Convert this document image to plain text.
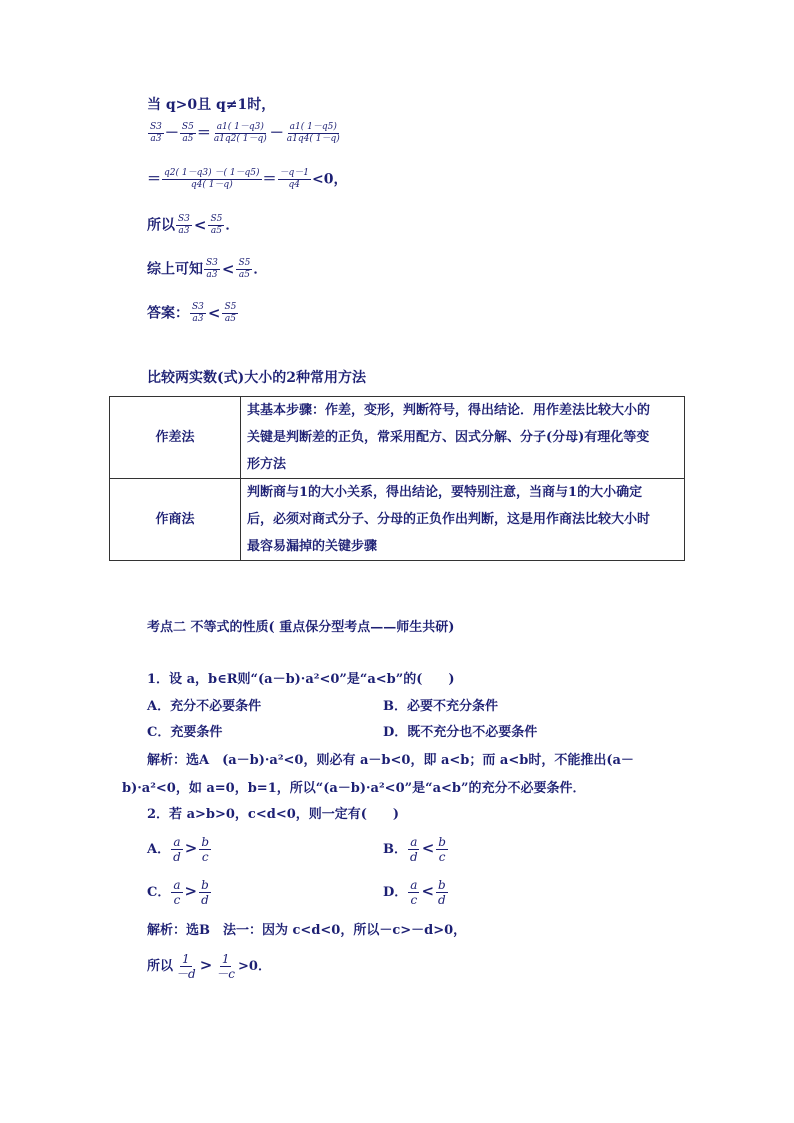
当 q>0且 q≠1时，
$\frac{S3}{a3} - \frac{S5}{a5} = \frac{a1( 1-q3)}{a1q2( 1-q)} - \frac{a1( 1-q5)}{a1q4( 1-q)}$
＝ $\frac{q2( 1-q3) -( 1-q5)}{q4( 1-q)} = \frac{-q-1}{q4} <0$，
所以 $\frac{S3}{a3} < \frac{S5}{a5}$ ．
综上可知 $\frac{S3}{a3} < \frac{S5}{a5}$ ．
答案： $\frac{S3}{a3} < \frac{S5}{a5}$
比较两实数(式)大小的2种常用方法
作差法	其基本步骤：作差，变形，判断符号，得出结论．用作差法比较大小的
关键是判断差的正负，常采用配方、因式分解、分子(分母)有理化等变
形方法

作商法	判断商与1的大小关系，得出结论，要特别注意，当商与1的大小确定
后，必须对商式分子、分母的正负作出判断，这是用作商法比较大小时
最容易漏掉的关键步骤
考点二 不等式的性质( 重点保分型考点——师生共研)
1．设 a，b∈R则“(a－b)·a²<0”是“a<b”的(　　)
A．充分不必要条件	B．必要不充分条件
C．充要条件	D．既不充分也不必要条件
解析：选A　(a－b)·a²<0，则必有 a－b<0，即 a<b；而 a<b时，不能推出(a－
b)·a²<0，如 a=0，b=1，所以“(a－b)·a²<0”是“a<b”的充分不必要条件．
2．若 a>b>0，c<d<0，则一定有(　　)
A． $\frac{a}{d} > \frac{b}{c}$	B． $\frac{a}{d} < \frac{b}{c}$
C． $\frac{a}{c} > \frac{b}{d}$	D． $\frac{a}{c} < \frac{b}{d}$
解析：选B　法一：因为 c<d<0，所以－c>－d>0，
所以 $\frac{1}{-d} > \frac{1}{-c} >0$．
